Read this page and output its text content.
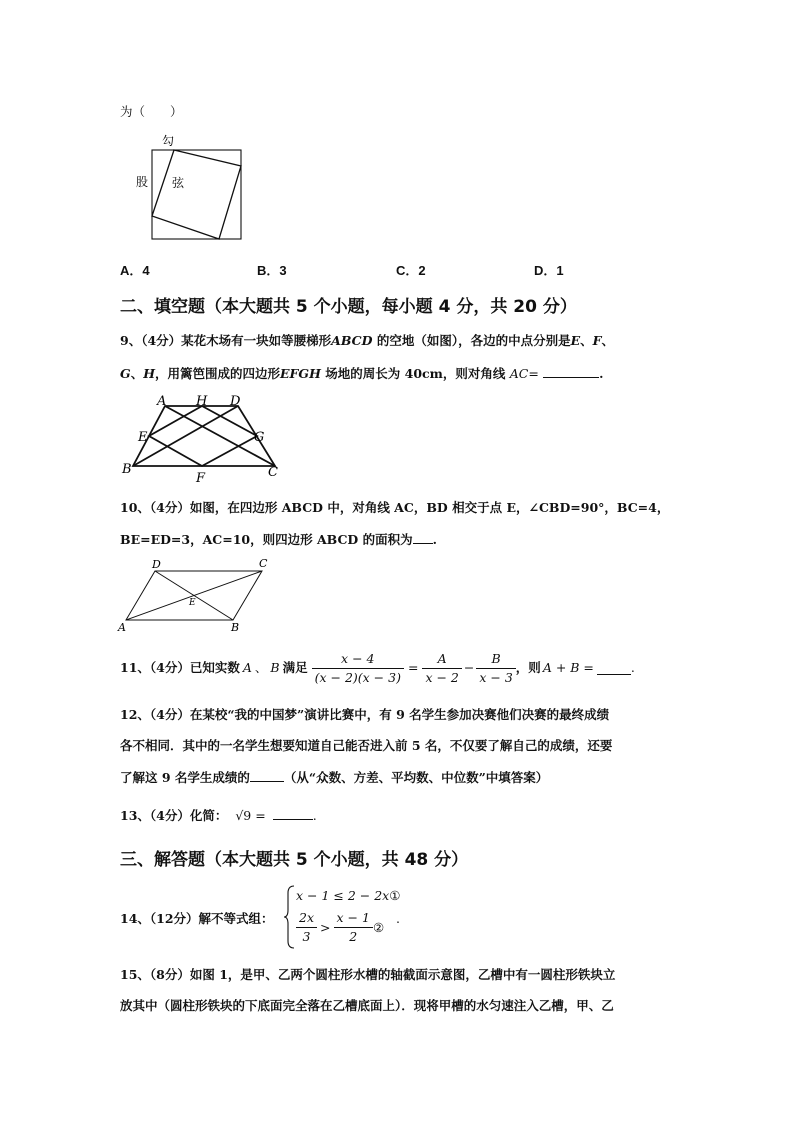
为（　　）
勾
股 弦
A．4	B．3	C．2	D．1
二、填空题（本大题共 5 个小题，每小题 4 分，共 20 分）
9、（4分）某花木场有一块如等腰梯形ABCD 的空地（如图），各边的中点分别是E、F、
G、H，用篱笆围成的四边形EFGH 场地的周长为 40cm，则对角线 AC=	.
A H D
E	G
B
F	C
10、（4分）如图，在四边形 ABCD 中，对角线 AC，BD 相交于点 E，∠CBD=90°，BC=4，
BE=ED=3，AC=10，则四边形 ABCD 的面积为 .
D	C
E
A	B
11、（4分）已知实数 A 、 B 满足 $\frac{x - 4}{(x - 2)(x - 3)} = \frac{A}{x - 2} - \frac{B}{x - 3}$ ，则 A + B =	.
12、（4分）在某校“我的中国梦”演讲比赛中，有 9 名学生参加决赛他们决赛的最终成绩
各不相同．其中的一名学生想要知道自己能否进入前 5 名，不仅要了解自己的成绩，还要
了解这 9 名学生成绩的	（从“众数、方差、平均数、中位数”中填答案）
13、（4分）化简： √9 =	.
三、解答题（本大题共 5 个小题，共 48 分）
14、（12分）解不等式组：
x − 1 ≤ 2 − 2x①
$\frac{2x}{3} > \frac{x - 1}{2}$ ②
.
15、（8分）如图 1，是甲、乙两个圆柱形水槽的轴截面示意图，乙槽中有一圆柱形铁块立
放其中（圆柱形铁块的下底面完全落在乙槽底面上）．现将甲槽的水匀速注入乙槽，甲、乙
